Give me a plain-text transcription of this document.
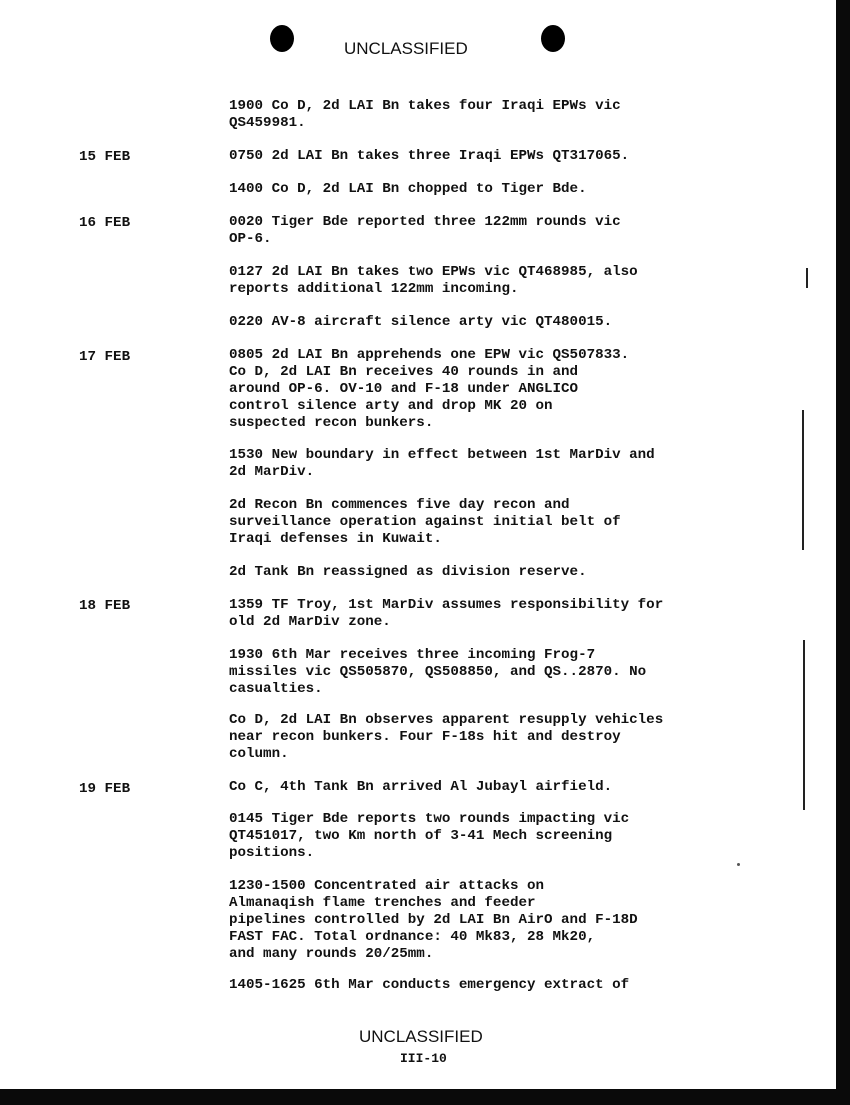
UNCLASSIFIED
15 FEB
16 FEB
17 FEB
18 FEB
19 FEB
1900 Co D, 2d LAI Bn takes four Iraqi EPWs vic
QS459981.
0750 2d LAI Bn takes three Iraqi EPWs QT317065.
1400 Co D, 2d LAI Bn chopped to Tiger Bde.
0020 Tiger Bde reported three 122mm rounds vic
OP-6.
0127 2d LAI Bn takes two EPWs vic QT468985, also
reports additional 122mm incoming.
0220 AV-8 aircraft silence arty vic QT480015.
0805 2d LAI Bn apprehends one EPW vic QS507833.
Co D, 2d LAI Bn receives 40 rounds in and
around OP-6. OV-10 and F-18 under ANGLICO
control silence arty and drop MK 20 on
suspected recon bunkers.
1530 New boundary in effect between 1st MarDiv and
2d MarDiv.
2d Recon Bn commences five day recon and
surveillance operation against initial belt of
Iraqi defenses in Kuwait.
2d Tank Bn reassigned as division reserve.
1359 TF Troy, 1st MarDiv assumes responsibility for
old 2d MarDiv zone.
1930 6th Mar receives three incoming Frog-7
missiles vic QS505870, QS508850, and QS..2870. No
casualties.
Co D, 2d LAI Bn observes apparent resupply vehicles
near recon bunkers. Four F-18s hit and destroy
column.
Co C, 4th Tank Bn arrived Al Jubayl airfield.
0145 Tiger Bde reports two rounds impacting vic
QT451017, two Km north of 3-41 Mech screening
positions.
1230-1500 Concentrated air attacks on
Almanaqish flame trenches and feeder
pipelines controlled by 2d LAI Bn AirO and F-18D
FAST FAC. Total ordnance: 40 Mk83, 28 Mk20,
and many rounds 20/25mm.
1405-1625 6th Mar conducts emergency extract of
UNCLASSIFIED
III-10
